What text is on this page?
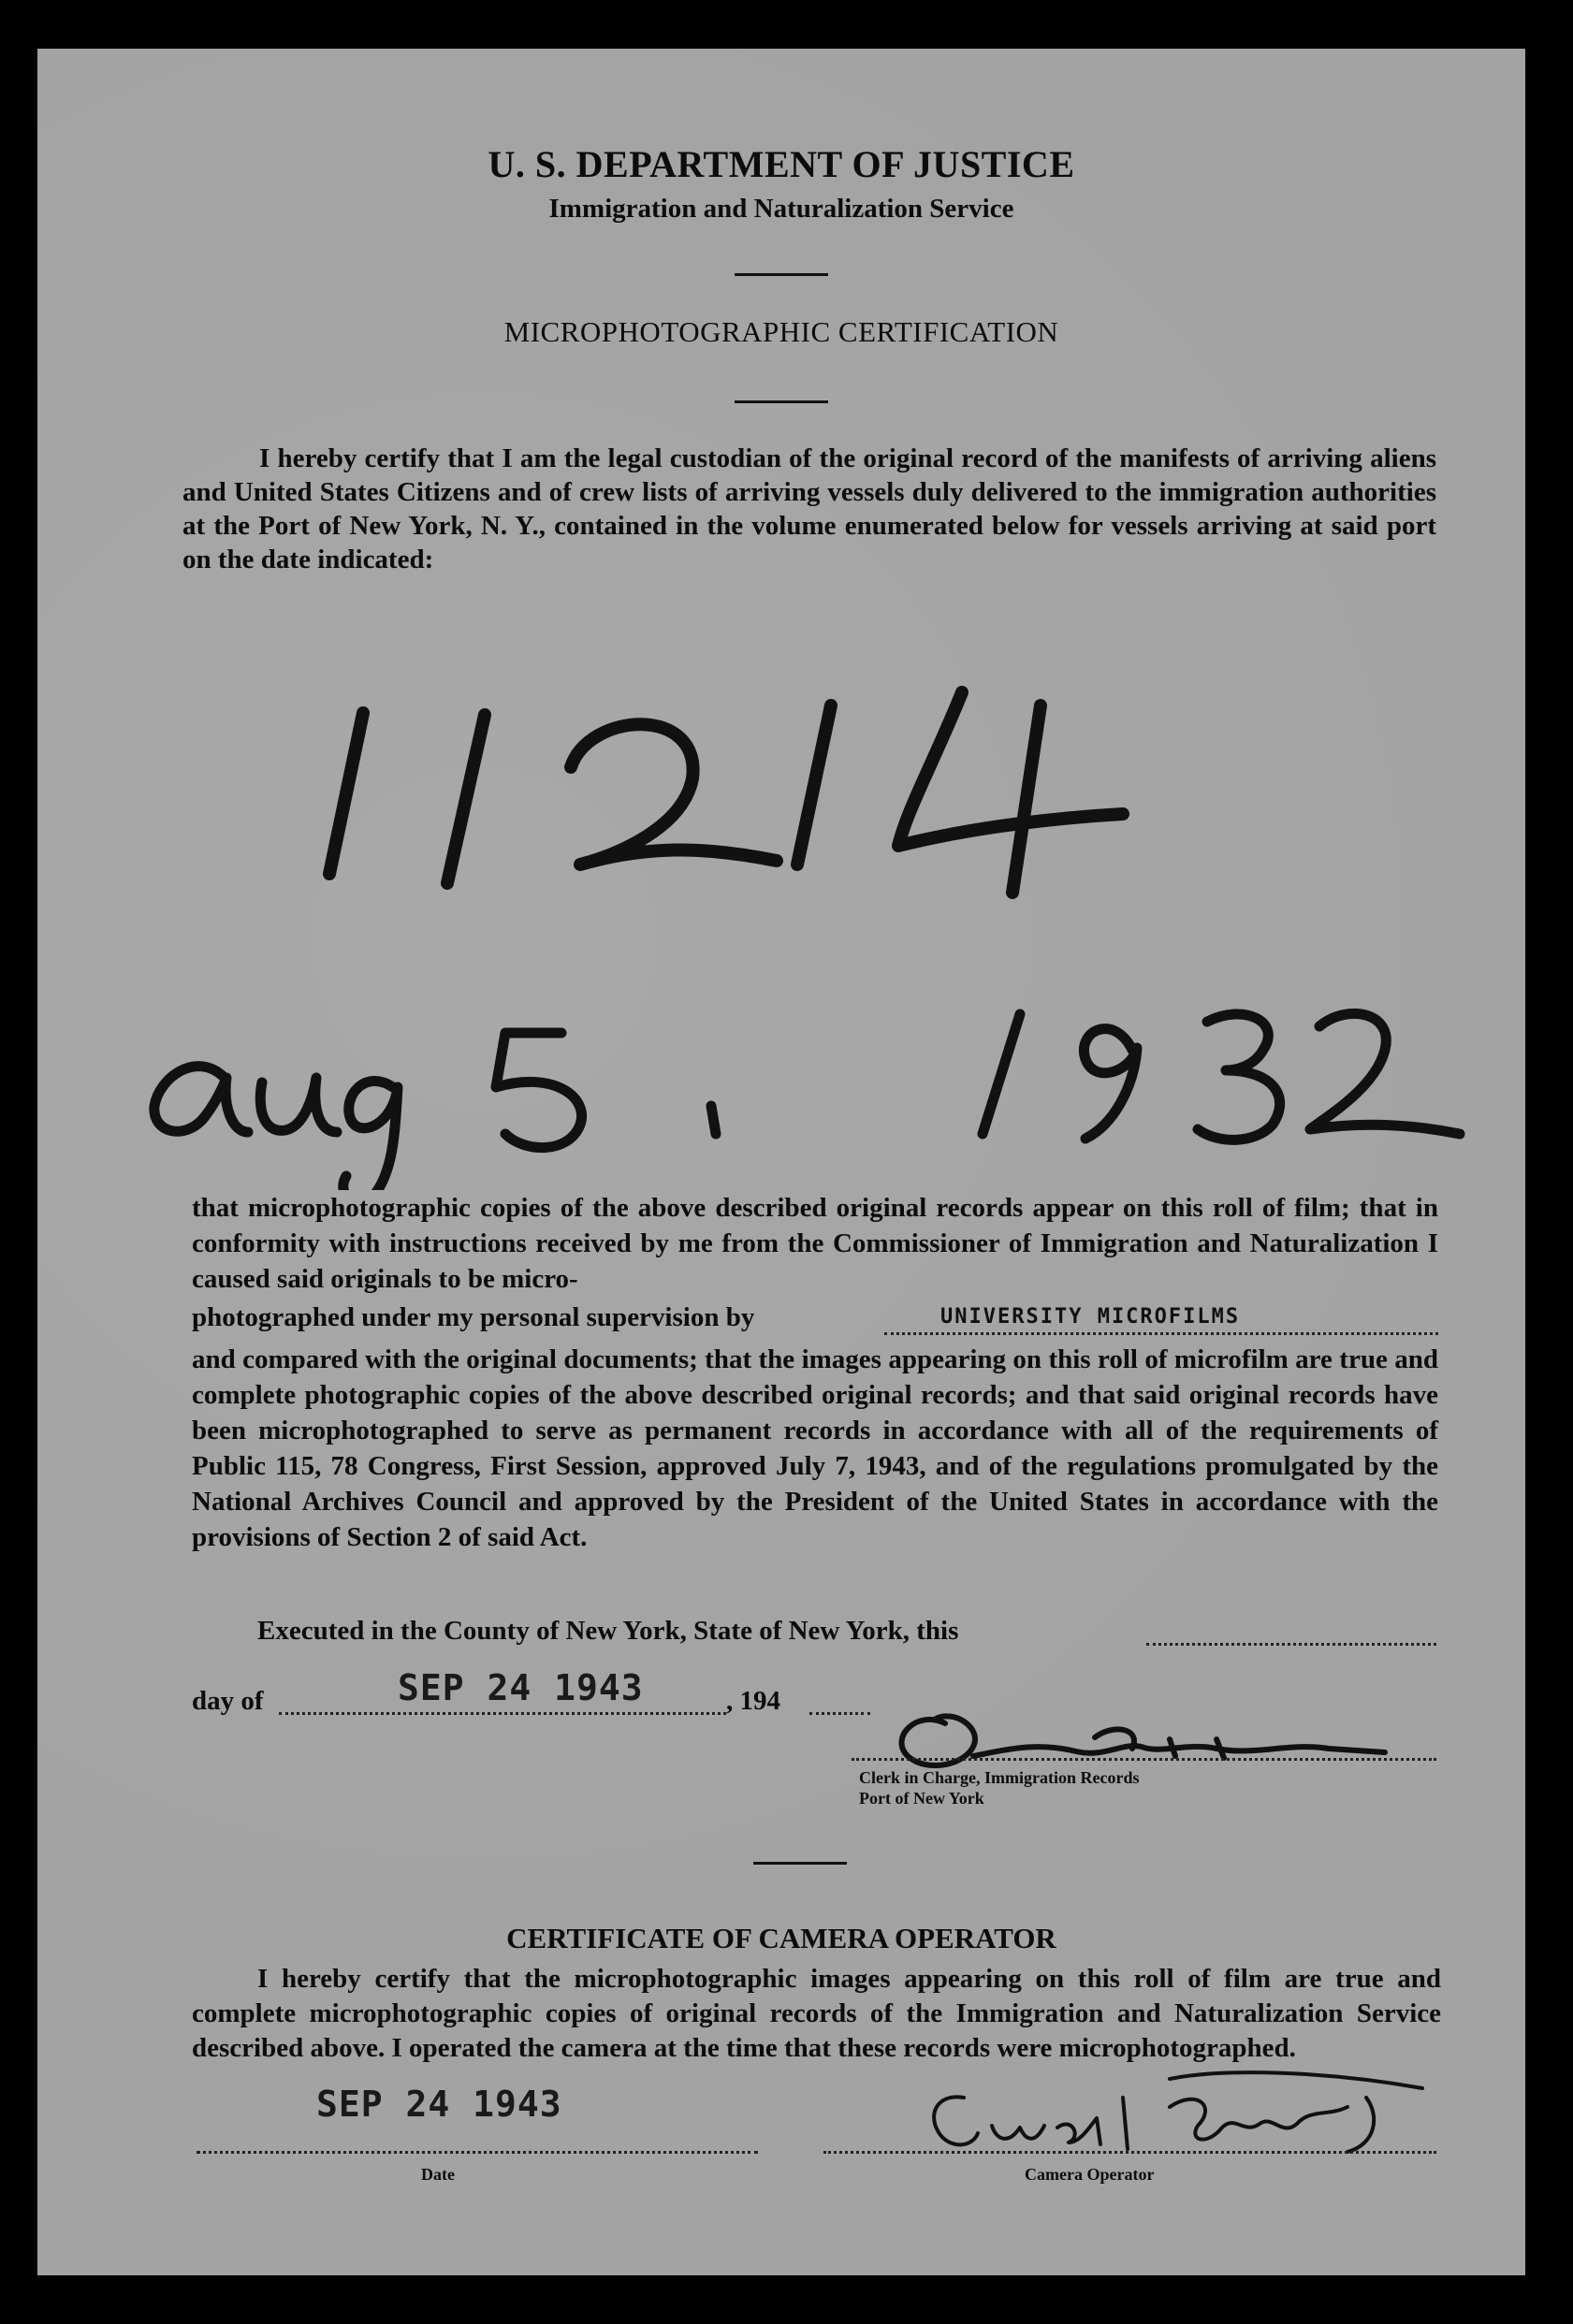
U. S. DEPARTMENT OF JUSTICE
Immigration and Naturalization Service
MICROPHOTOGRAPHIC CERTIFICATION
I hereby certify that I am the legal custodian of the original record of the manifests of arriving aliens and United States Citizens and of crew lists of arriving vessels duly delivered to the immigration authorities at the Port of New York, N. Y., contained in the volume enumerated below for vessels arriving at said port on the date indicated:
that microphotographic copies of the above described original records appear on this roll of film; that in conformity with instructions received by me from the Commissioner of Immigration and Naturalization I caused said originals to be micro-
photographed under my personal supervision by	UNIVERSITY MICROFILMS
and compared with the original documents; that the images appearing on this roll of microfilm are true and complete photographic copies of the above described original records; and that said original records have been microphotographed to serve as permanent records in accordance with all of the requirements of Public 115, 78 Congress, First Session, approved July 7, 1943, and of the regulations promulgated by the National Archives Council and approved by the President of the United States in accordance with the provisions of Section 2 of said Act.
Executed in the County of New York, State of New York, this
day of	SEP 24 1943	, 194
Clerk in Charge, Immigration Records
Port of New York
CERTIFICATE OF CAMERA OPERATOR
I hereby certify that the microphotographic images appearing on this roll of film are true and complete microphotographic copies of original records of the Immigration and Naturalization Service described above. I operated the camera at the time that these records were microphotographed.
SEP 24 1943
Date	Camera Operator
